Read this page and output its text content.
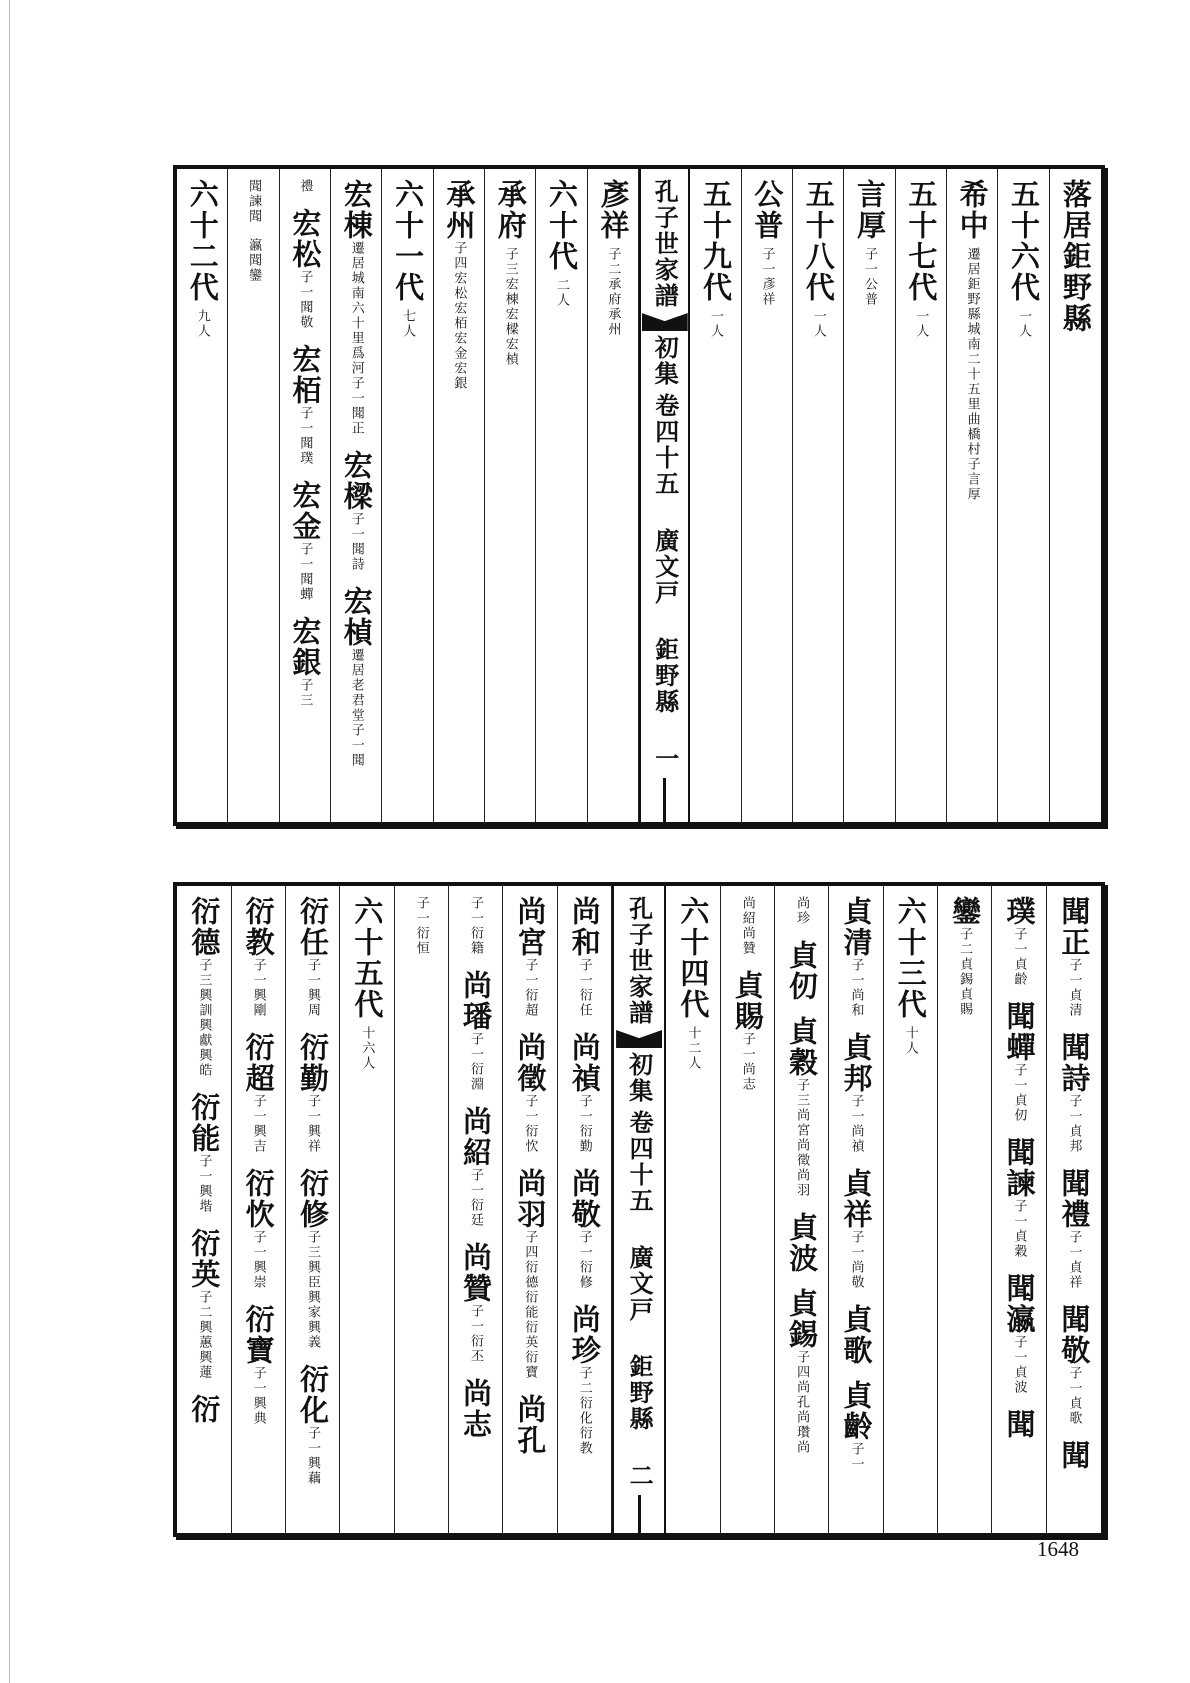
落居鉅野縣
五十六代
一人
希中
遷居鉅野縣城南二十五里曲橋村子言厚
五十七代
一人
言厚
子一公普
五十八代
一人
公普
子一彥祥
五十九代
一人
孔子世家譜
初集
卷四十五 廣文戸 鉅野縣 一
彥祥
子二承府承州
六十代
二人
承府
子三宏棟宏樑宏楨
承州
子四宏松宏栢宏金宏銀
六十一代
七人
宏棟
遷居城南六十里爲河子一聞正
宏樑
子一聞詩
宏楨
遷居老君堂子一聞
禮
宏松
子一聞敬
宏栢
子一聞璞
宏金
子一聞蟬
宏銀
子三
聞諫聞
瀛聞鑾
六十二代
九人
聞正
子一貞清
聞詩
子一貞邦
聞禮
子一貞祥
聞敬
子一貞歌
聞
璞
子一貞齡
聞蟬
子一貞仞
聞諫
子一貞穀
聞瀛
子一貞波
聞
鑾
子二貞錫貞賜
六十三代
十人
貞清
子一尚和
貞邦
子一尚禎
貞祥
子一尚敬
貞歌
貞齡
子一
尚珍
貞仞
貞穀
子三尚宮尚徵尚羽
貞波
貞錫
子四尚孔尚瓚尚
尚紹尚贊
貞賜
子一尚志
六十四代
十二人
孔子世家譜
初集
卷四十五 廣文戸 鉅野縣 二
尚和
子一衍任
尚禎
子一衍勤
尚敬
子一衍修
尚珍
子二衍化衍教
尚宮
子一衍超
尚徵
子一衍忺
尚羽
子四衍德衍能衍英衍寶
尚孔
子一衍籍
尚璠
子一衍淵
尚紹
子一衍廷
尚贊
子一衍丕
尚志
子一衍恒
六十五代
十六人
衍任
子一興周
衍勤
子一興祥
衍修
子三興臣興家興義
衍化
子一興藕
衍教
子一興剛
衍超
子一興吉
衍忺
子一興崇
衍寶
子一興典
衍德
子三興訓興獻興皓
衍能
子一興堦
衍英
子二興蕙興蓮
衍
1648
